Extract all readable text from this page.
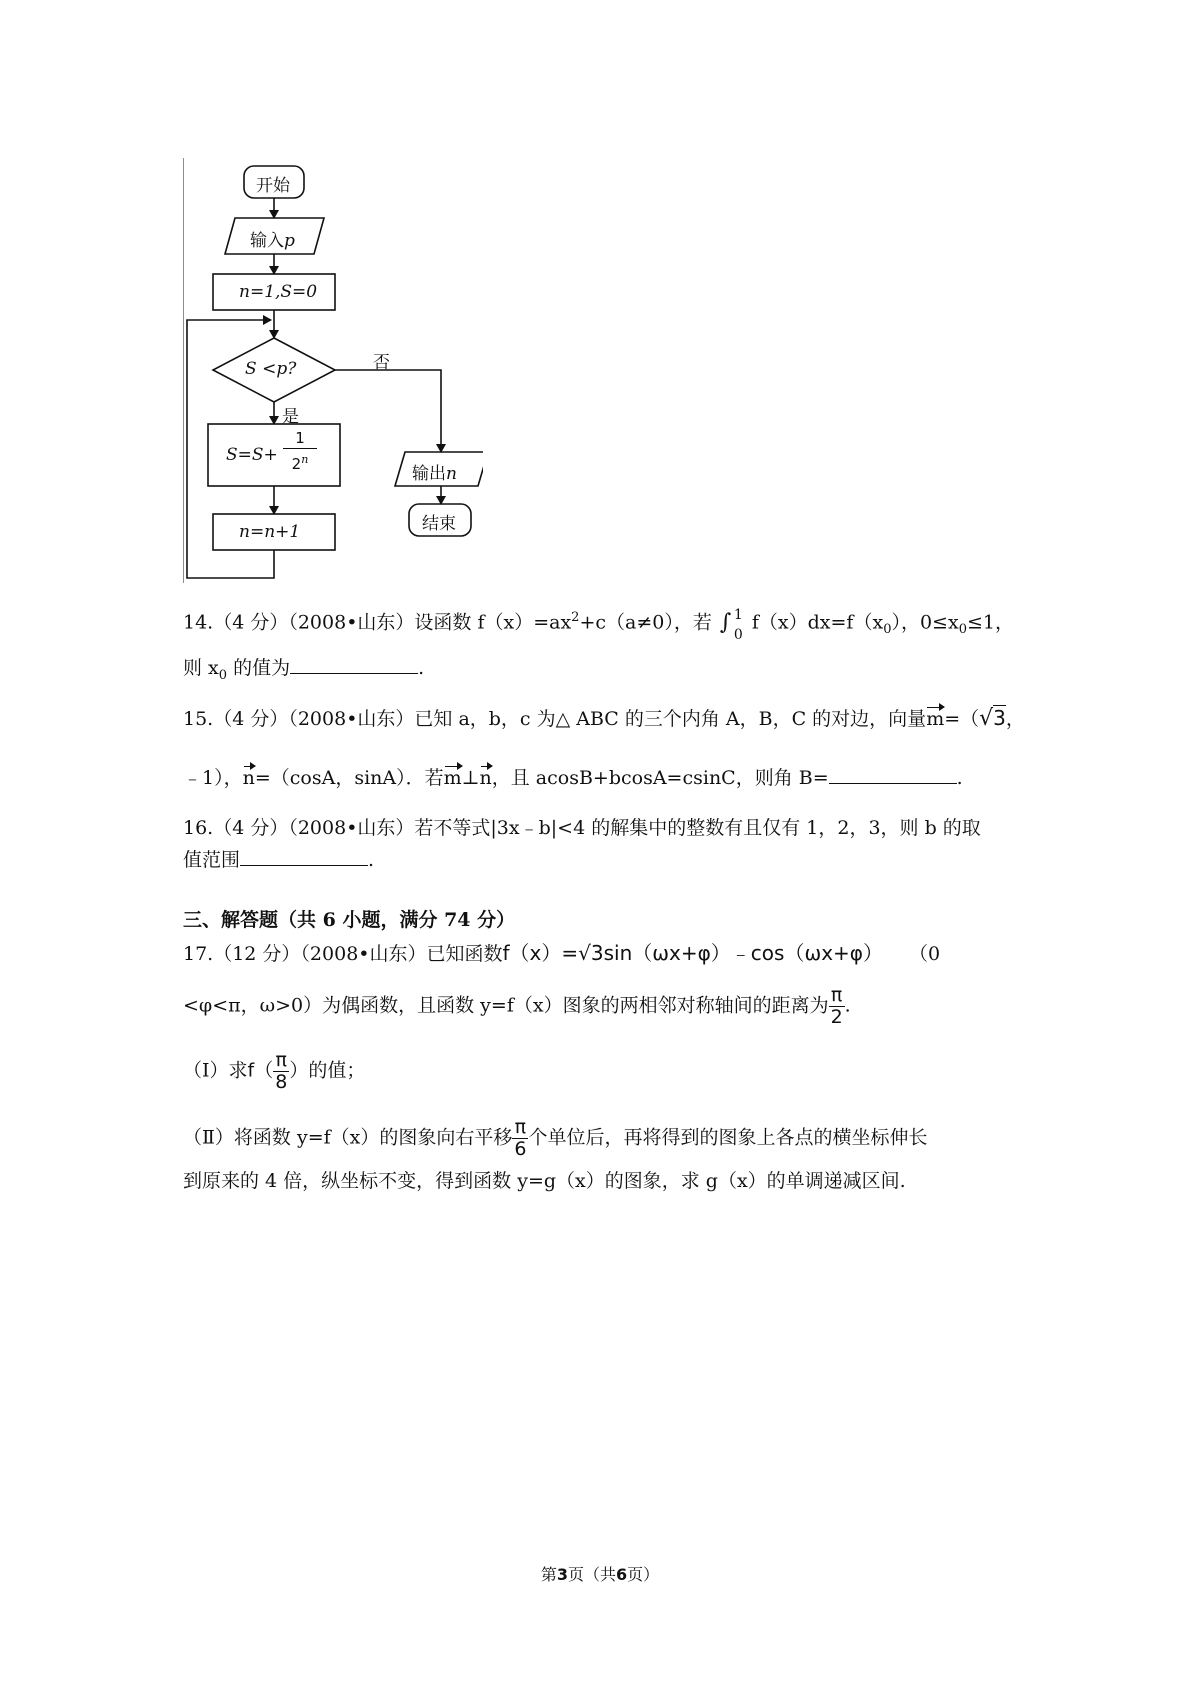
开始
输入p
n=1,S=0
S <p?
是
否
S=S+
1
2$^n$
n=n+1
输出n
结束
14.（4 分）（2008•山东）设函数 $f(x)=ax^2+c(a\ne 0)$，若 ∫ 1
0
$f(x)dx=f(x_0)$，$0\le x_0\le 1$，
则 $x_0$ 的值为	.
15.（4 分）（2008•山东）已知 a，b，c 为△ ABC 的三个内角 A，B，C 的对边，向量m=（√3，
﹣1），n=（cosA，sinA）．若m⊥n，且 acosB+bcosA=csinC，则角 B=	.
16.（4 分）（2008•山东）若不等式|3x﹣b|<4 的解集中的整数有且仅有 1，2，3，则 b 的取
值范围	.
三、解答题（共 6 小题，满分 74 分）
17.（12 分）（2008•山东）已知函数f（x）=√3sin（ωx+φ）﹣cos（ωx+φ） （0
<φ<π，ω>0）为偶函数，且函数 y=f（x）图象的两相邻对称轴间的距离为 $\frac{\pi}{2}$ .
（Ⅰ）求$f( \frac{\pi}{8}$ ）的值；
（Ⅱ）将函数 y=f（x）的图象向右平移 $\frac{\pi}{6}$ 个单位后，再将得到的图象上各点的横坐标伸长
到原来的 4 倍，纵坐标不变，得到函数 y=g（x）的图象，求 g（x）的单调递减区间.
第3页（共6页）
